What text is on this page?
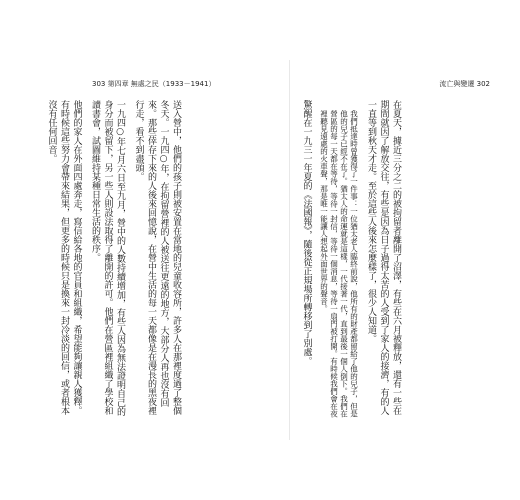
303 第四章 無處之民（1933－1941）	流亡與變遷 302

在夏天，據近三分之二的被拘留者離開了沼澤，有些在六月被釋放，還有一些在期間就因了解放交往，有些是因為日子過得太苦的人受到了家人的接濟，有的人一直等到秋天才走。至於這些人後來怎麼樣了，很少人知道。

我們抵達時曾獲得了一件事：一位猶太老人臨終前說，他所有的財產都留給了他的兒子，但是他的兒子已經不在了。猶太人的命運就是這樣，一代接著一代，直到最後一個人倒下。我們在營區的每一天都在等待，等待一封信，等待一個消息，等待一扇門被打開。有時候我們會在夜裡聽見遠處的火車聲，那是唯一能讓人想起外面世界的聲音。

驚醒在一九三一年夏的《法國報》，隨後從正規場所轉移到了別處。

送入營中，他們的孩子則被安置在當地的兒童收容所，許多人在那裡度過了整個冬天。一九四○年，在拘留營裡的人被送往更遠的地方，大部分人再也沒有回來。那些倖存下來的人後來回憶說，在營中生活的每一天都像是在漫長的黑夜裡行走，看不到盡頭。

一九四○年七月六日至九月，營中的人數持續增加，有些人因為無法證明自己的身分而被留下，另一些人則設法取得了離開的許可。他們在營區裡組織了學校和讀書會，試圖維持某種日常生活的秩序。

他們的家人在外面四處奔走，寫信給各地的官員和組織，希望能夠讓親人獲釋。有時候這些努力會帶來結果，但更多的時候只是換來一封冷淡的回信，或者根本沒有任何回音。
